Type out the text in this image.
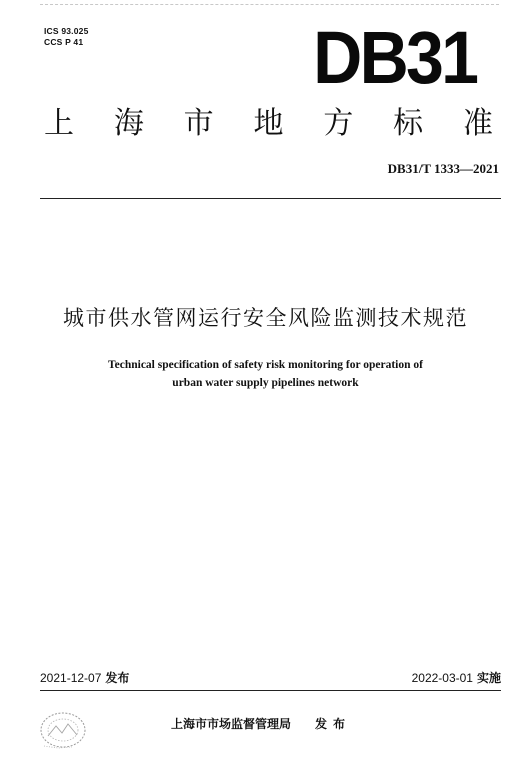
ICS 93.025
CCS P 41	DB31
上 海 市 地 方 标 准
DB31/T 1333—2021
城市供水管网运行安全风险监测技术规范
Technical specification of safety risk monitoring for operation of
urban water supply pipelines network
2021-12-07 发布	2022-03-01 实施
上海市市场监督管理局 发布
